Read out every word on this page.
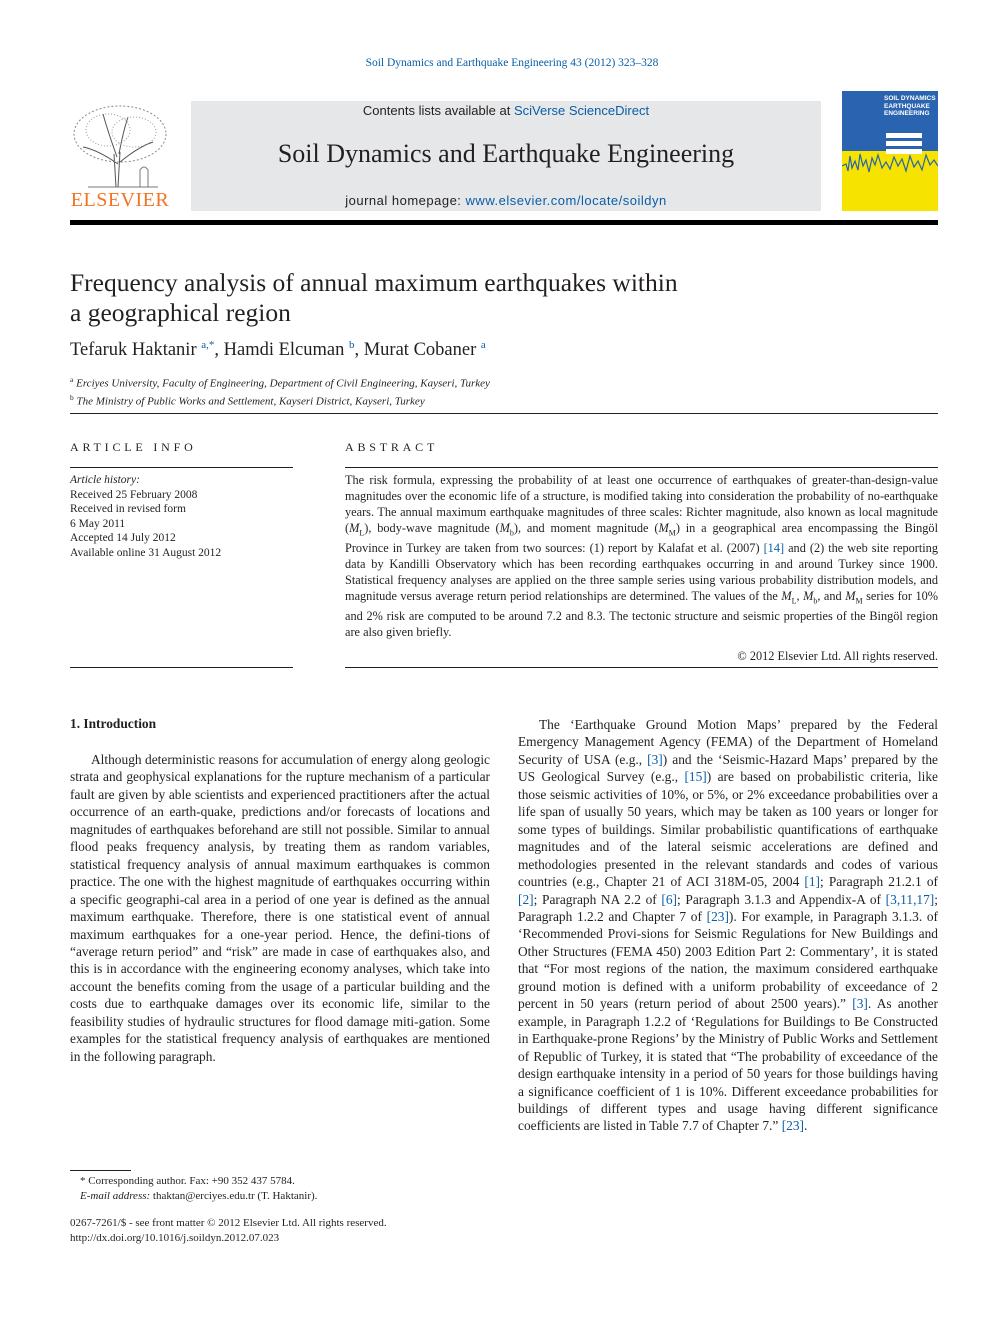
Soil Dynamics and Earthquake Engineering 43 (2012) 323–328
ELSEVIER
Contents lists available at SciVerse ScienceDirect
Soil Dynamics and Earthquake Engineering
journal homepage: www.elsevier.com/locate/soildyn
SOIL DYNAMICS EARTHQUAKE ENGINEERING
Frequency analysis of annual maximum earthquakes within
a geographical region
Tefaruk Haktanir $^{a,*}$, Hamdi Elcuman $^b$, Murat Cobaner $^a$
$^a$ Erciyes University, Faculty of Engineering, Department of Civil Engineering, Kayseri, Turkey
$^b$ The Ministry of Public Works and Settlement, Kayseri District, Kayseri, Turkey
ARTICLE INFO
Article history:
Received 25 February 2008
Received in revised form
6 May 2011
Accepted 14 July 2012
Available online 31 August 2012
ABSTRACT
The risk formula, expressing the probability of at least one occurrence of earthquakes of greater-than-design-value magnitudes over the economic life of a structure, is modified taking into consideration the probability of no-earthquake years. The annual maximum earthquake magnitudes of three scales: Richter magnitude, also known as local magnitude $(M_L)$, body-wave magnitude $(M_b)$, and moment magnitude $(M_M)$ in a geographical area encompassing the Bingöl Province in Turkey are taken from two sources: (1) report by Kalafat et al. (2007) [14] and (2) the web site reporting data by Kandilli Observatory which has been recording earthquakes occurring in and around Turkey since 1900. Statistical frequency analyses are applied on the three sample series using various probability distribution models, and magnitude versus average return period relationships are determined. The values of the $M_L$, $M_b$, and $M_M$ series for 10% and 2% risk are computed to be around 7.2 and 8.3. The tectonic structure and seismic properties of the Bingöl region are also given briefly.
© 2012 Elsevier Ltd. All rights reserved.
1. Introduction

Although deterministic reasons for accumulation of energy along geologic strata and geophysical explanations for the rupture mechanism of a particular fault are given by able scientists and experienced practitioners after the actual occurrence of an earth-quake, predictions and/or forecasts of locations and magnitudes of earthquakes beforehand are still not possible. Similar to annual flood peaks frequency analysis, by treating them as random variables, statistical frequency analysis of annual maximum earthquakes is common practice. The one with the highest magnitude of earthquakes occurring within a specific geographi-cal area in a period of one year is defined as the annual maximum earthquake. Therefore, there is one statistical event of annual maximum earthquakes for a one-year period. Hence, the defini-tions of “average return period” and “risk” are made in case of earthquakes also, and this is in accordance with the engineering economy analyses, which take into account the benefits coming from the usage of a particular building and the costs due to earthquake damages over its economic life, similar to the feasibility studies of hydraulic structures for flood damage miti-gation. Some examples for the statistical frequency analysis of earthquakes are mentioned in the following paragraph.

The ‘Earthquake Ground Motion Maps’ prepared by the Federal Emergency Management Agency (FEMA) of the Department of Homeland Security of USA (e.g., [3]) and the ‘Seismic-Hazard Maps’ prepared by the US Geological Survey (e.g., [15]) are based on probabilistic criteria, like those seismic activities of 10%, or 5%, or 2% exceedance probabilities over a life span of usually 50 years, which may be taken as 100 years or longer for some types of buildings. Similar probabilistic quantifications of earthquake magnitudes and of the lateral seismic accelerations are defined and methodologies presented in the relevant standards and codes of various countries (e.g., Chapter 21 of ACI 318M-05, 2004 [1]; Paragraph 21.2.1 of [2]; Paragraph NA 2.2 of [6]; Paragraph 3.1.3 and Appendix-A of [3,11,17]; Paragraph 1.2.2 and Chapter 7 of [23]). For example, in Paragraph 3.1.3. of ‘Recommended Provi-sions for Seismic Regulations for New Buildings and Other Structures (FEMA 450) 2003 Edition Part 2: Commentary’, it is stated that “For most regions of the nation, the maximum considered earthquake ground motion is defined with a uniform probability of exceedance of 2 percent in 50 years (return period of about 2500 years).” [3]. As another example, in Paragraph 1.2.2 of ‘Regulations for Buildings to Be Constructed in Earthquake-prone Regions’ by the Ministry of Public Works and Settlement of Republic of Turkey, it is stated that “The probability of exceedance of the design earthquake intensity in a period of 50 years for those buildings having a significance coefficient of 1 is 10%. Different exceedance probabilities for buildings of different types and usage having different significance coefficients are listed in Table 7.7 of Chapter 7.” [23].

* Corresponding author. Fax: +90 352 437 5784.
E-mail address: thaktan@erciyes.edu.tr (T. Haktanir).
0267-7261/$ - see front matter © 2012 Elsevier Ltd. All rights reserved.
http://dx.doi.org/10.1016/j.soildyn.2012.07.023
